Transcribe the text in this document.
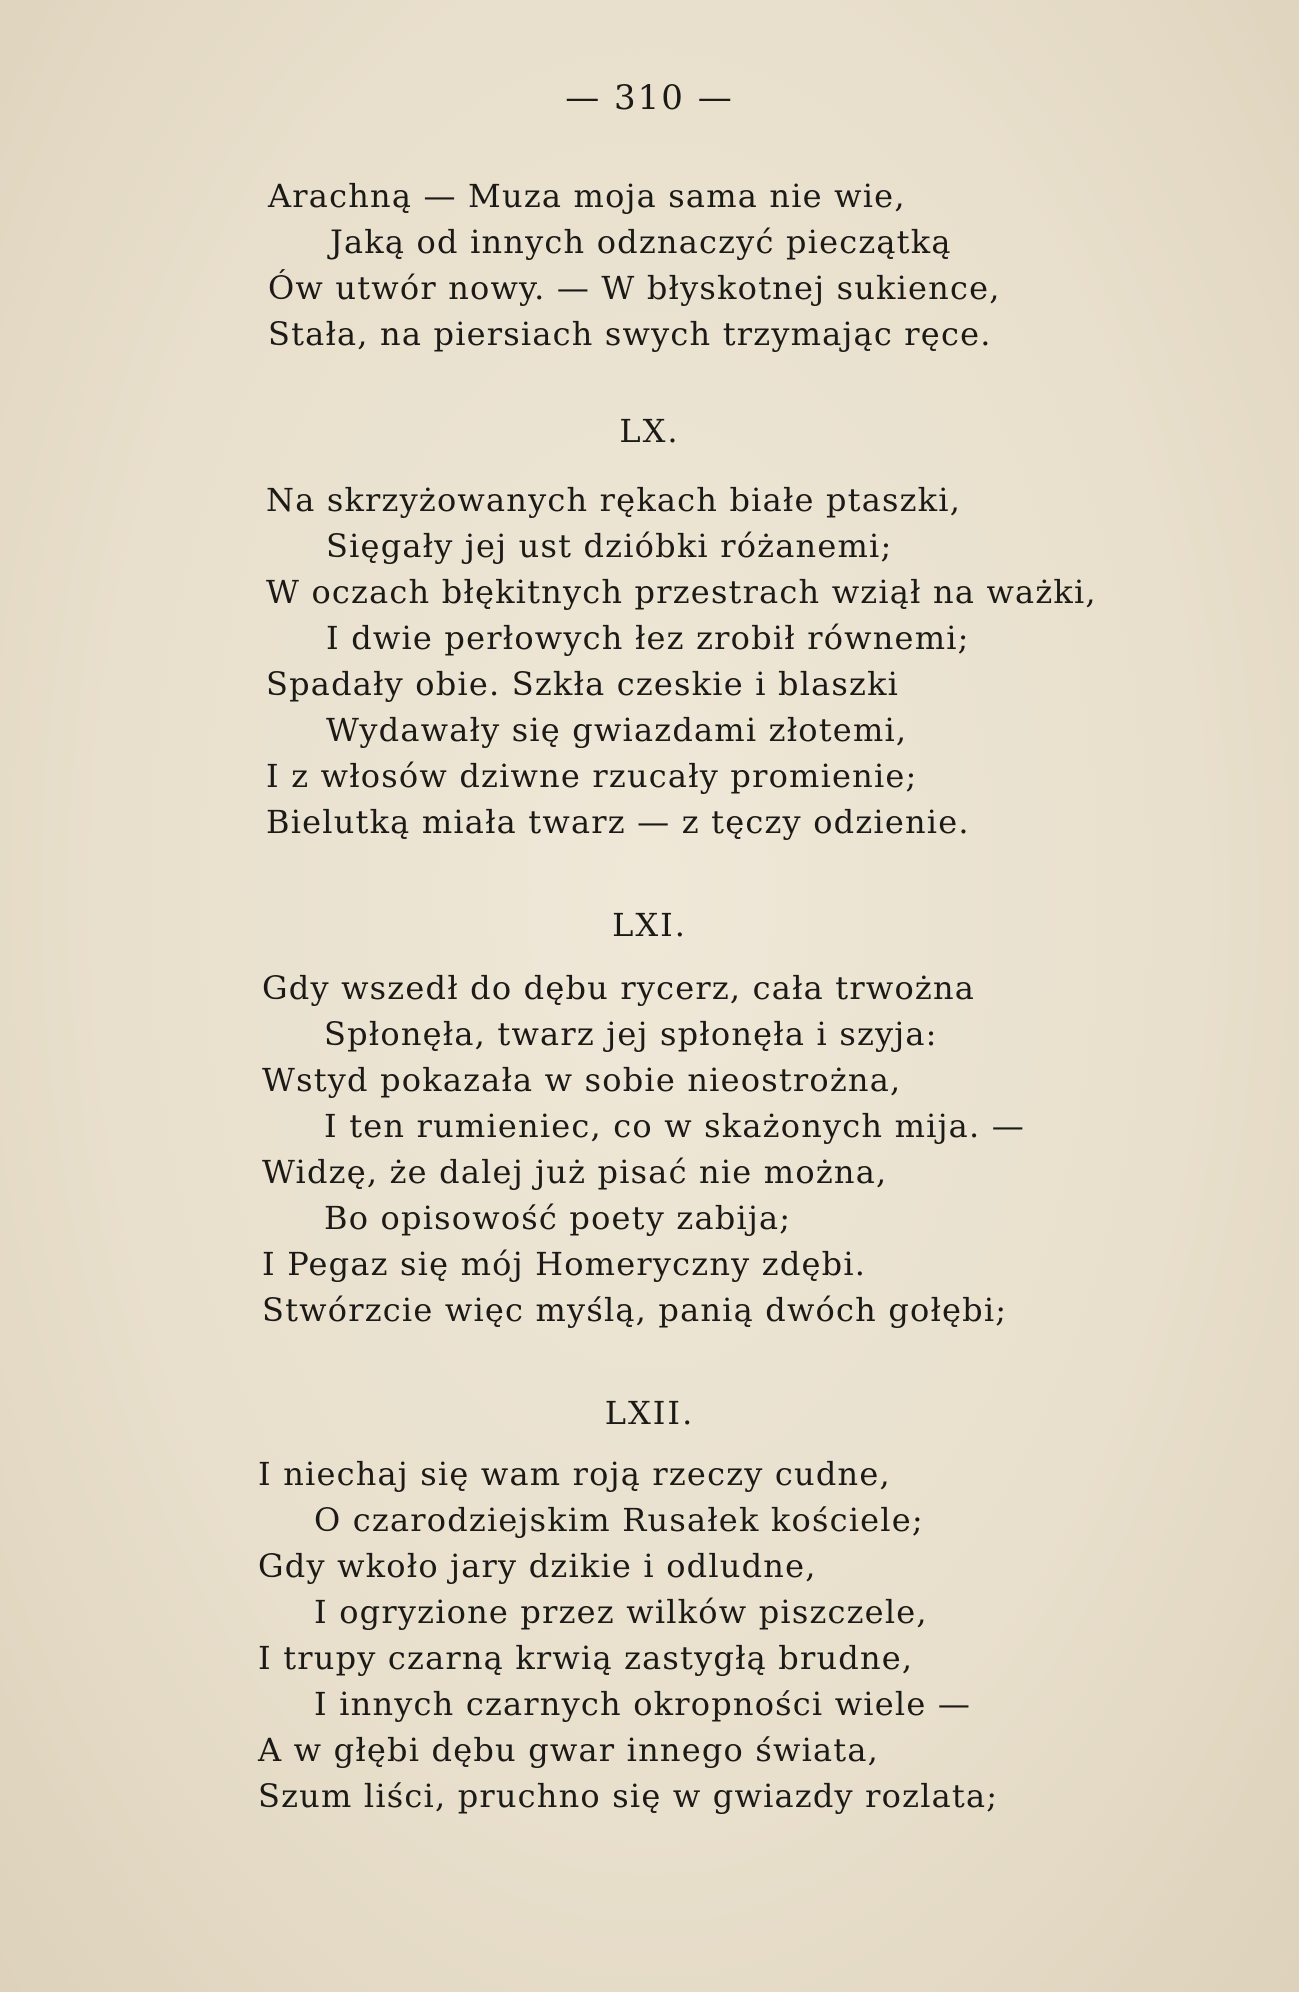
— 310 —
Arachną — Muza moja sama nie wie,
Jaką od innych odznaczyć pieczątką
Ów utwór nowy. — W błyskotnej sukience,
Stała, na piersiach swych trzymając ręce.
LX.
Na skrzyżowanych rękach białe ptaszki,
Sięgały jej ust dzióbki różanemi;
W oczach błękitnych przestrach wziął na ważki,
I dwie perłowych łez zrobił równemi;
Spadały obie. Szkła czeskie i blaszki
Wydawały się gwiazdami złotemi,
I z włosów dziwne rzucały promienie;
Bielutką miała twarz — z tęczy odzienie.
LXI.
Gdy wszedł do dębu rycerz, cała trwożna
Spłonęła, twarz jej spłonęła i szyja:
Wstyd pokazała w sobie nieostrożna,
I ten rumieniec, co w skażonych mija. —
Widzę, że dalej już pisać nie można,
Bo opisowość poety zabija;
I Pegaz się mój Homeryczny zdębi.
Stwórzcie więc myślą, panią dwóch gołębi;
LXII.
I niechaj się wam roją rzeczy cudne,
O czarodziejskim Rusałek kościele;
Gdy wkoło jary dzikie i odludne,
I ogryzione przez wilków piszczele,
I trupy czarną krwią zastygłą brudne,
I innych czarnych okropności wiele —
A w głębi dębu gwar innego świata,
Szum liści, pruchno się w gwiazdy rozlata;
